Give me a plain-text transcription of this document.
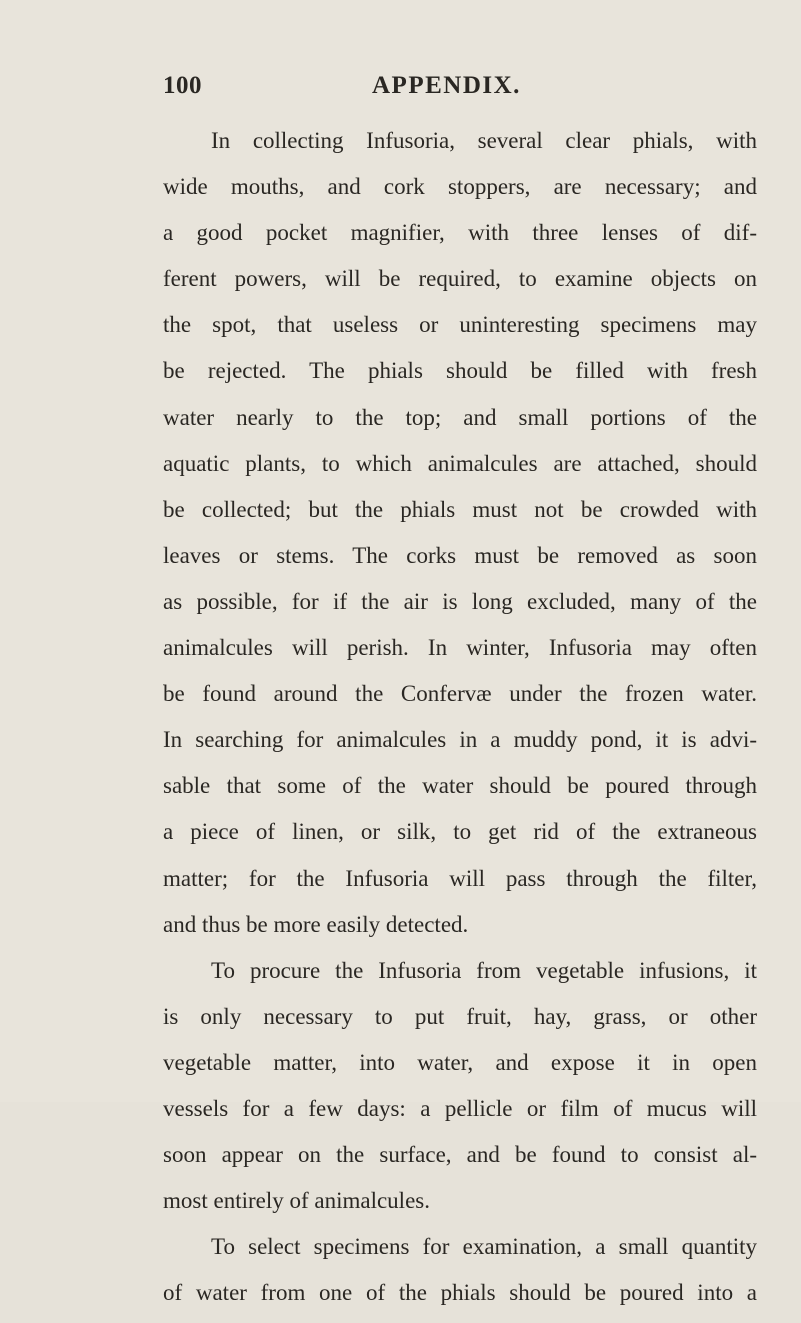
100	APPENDIX.
In collecting Infusoria, several clear phials, with
wide mouths, and cork stoppers, are necessary; and
a good pocket magnifier, with three lenses of dif-
ferent powers, will be required, to examine objects on
the spot, that useless or uninteresting specimens may
be rejected. The phials should be filled with fresh
water nearly to the top; and small portions of the
aquatic plants, to which animalcules are attached, should
be collected; but the phials must not be crowded with
leaves or stems. The corks must be removed as soon
as possible, for if the air is long excluded, many of the
animalcules will perish. In winter, Infusoria may often
be found around the Confervæ under the frozen water.
In searching for animalcules in a muddy pond, it is advi-
sable that some of the water should be poured through
a piece of linen, or silk, to get rid of the extraneous
matter; for the Infusoria will pass through the filter,
and thus be more easily detected.
To procure the Infusoria from vegetable infusions, it
is only necessary to put fruit, hay, grass, or other
vegetable matter, into water, and expose it in open
vessels for a few days: a pellicle or film of mucus will
soon appear on the surface, and be found to consist al-
most entirely of animalcules.
To select specimens for examination, a small quantity
of water from one of the phials should be poured into a
